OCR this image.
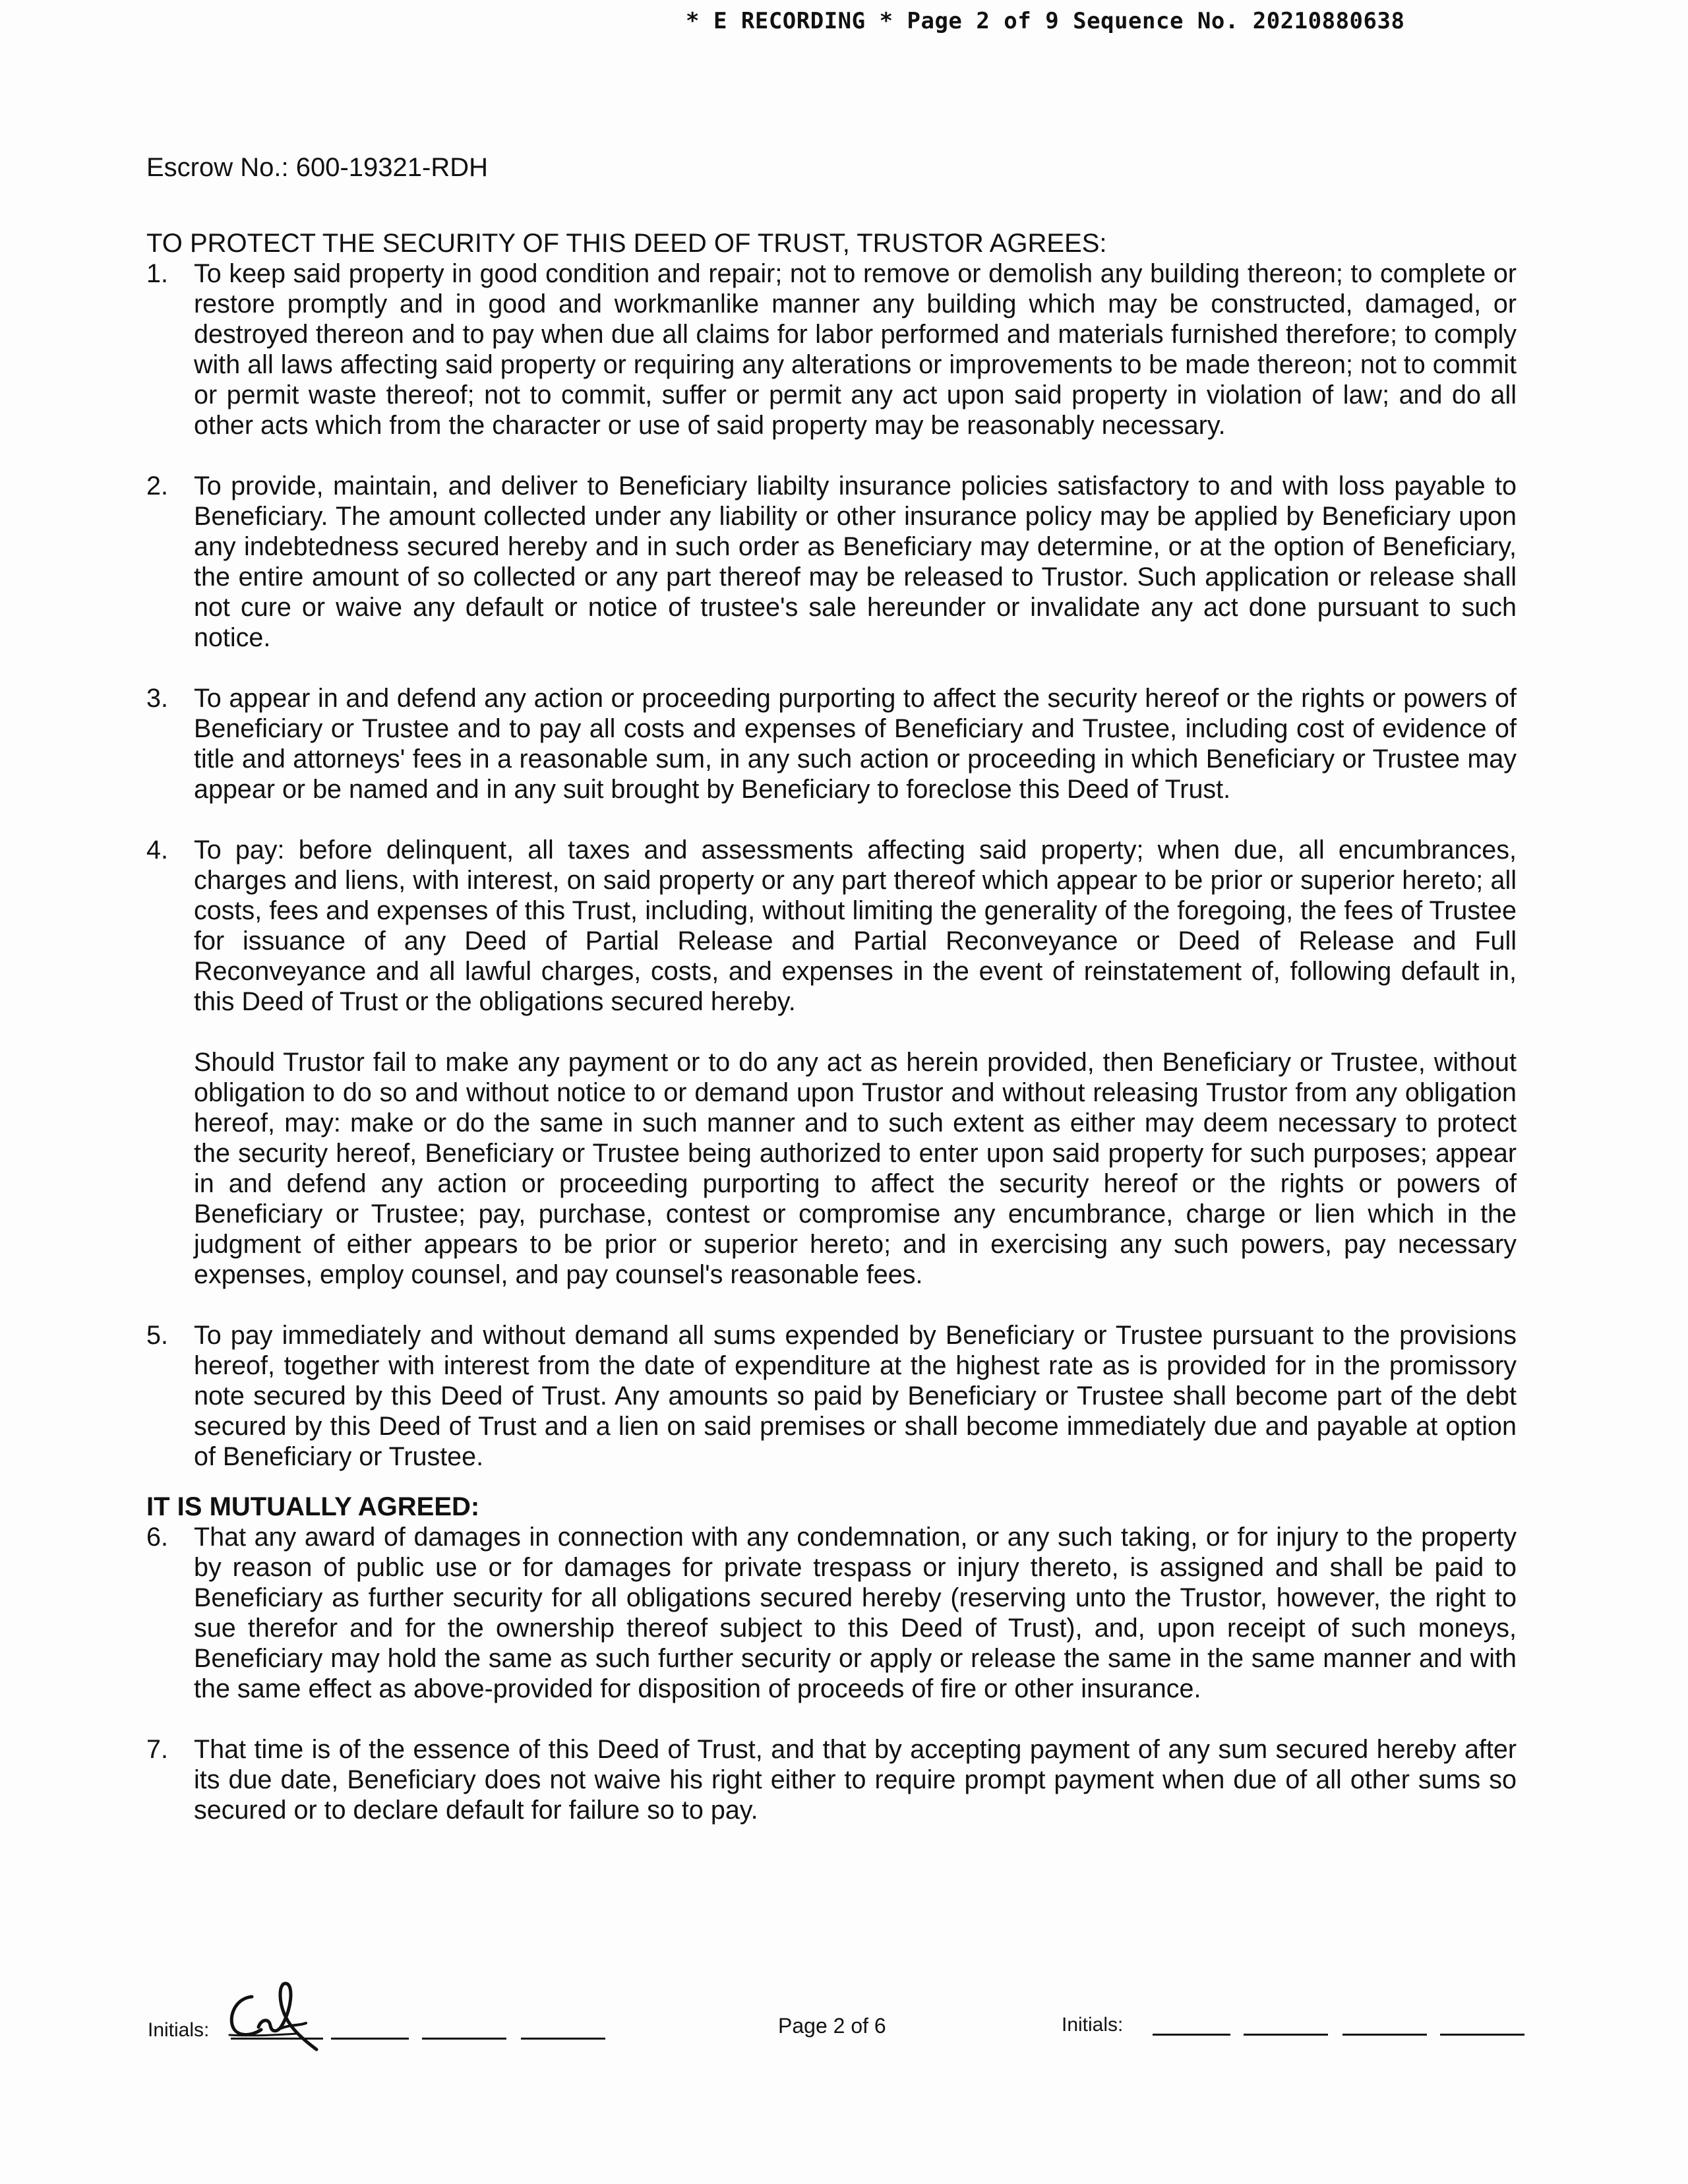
* E RECORDING * Page 2 of 9 Sequence No. 20210880638
Escrow No.: 600-19321-RDH

TO PROTECT THE SECURITY OF THIS DEED OF TRUST, TRUSTOR AGREES:

1. To keep said property in good condition and repair; not to remove or demolish any building thereon; to complete or restore promptly and in good and workmanlike manner any building which may be constructed, damaged, or destroyed thereon and to pay when due all claims for labor performed and materials furnished therefore; to comply with all laws affecting said property or requiring any alterations or improvements to be made thereon; not to commit or permit waste thereof; not to commit, suffer or permit any act upon said property in violation of law; and do all other acts which from the character or use of said property may be reasonably necessary.
2. To provide, maintain, and deliver to Beneficiary liabilty insurance policies satisfactory to and with loss payable to Beneficiary. The amount collected under any liability or other insurance policy may be applied by Beneficiary upon any indebtedness secured hereby and in such order as Beneficiary may determine, or at the option of Beneficiary, the entire amount of so collected or any part thereof may be released to Trustor. Such application or release shall not cure or waive any default or notice of trustee's sale hereunder or invalidate any act done pursuant to such notice.
3. To appear in and defend any action or proceeding purporting to affect the security hereof or the rights or powers of Beneficiary or Trustee and to pay all costs and expenses of Beneficiary and Trustee, including cost of evidence of title and attorneys' fees in a reasonable sum, in any such action or proceeding in which Beneficiary or Trustee may appear or be named and in any suit brought by Beneficiary to foreclose this Deed of Trust.
4. To pay: before delinquent, all taxes and assessments affecting said property; when due, all encumbrances, charges and liens, with interest, on said property or any part thereof which appear to be prior or superior hereto; all costs, fees and expenses of this Trust, including, without limiting the generality of the foregoing, the fees of Trustee for issuance of any Deed of Partial Release and Partial Reconveyance or Deed of Release and Full Reconveyance and all lawful charges, costs, and expenses in the event of reinstatement of, following default in, this Deed of Trust or the obligations secured hereby.

Should Trustor fail to make any payment or to do any act as herein provided, then Beneficiary or Trustee, without obligation to do so and without notice to or demand upon Trustor and without releasing Trustor from any obligation hereof, may: make or do the same in such manner and to such extent as either may deem necessary to protect the security hereof, Beneficiary or Trustee being authorized to enter upon said property for such purposes; appear in and defend any action or proceeding purporting to affect the security hereof or the rights or powers of Beneficiary or Trustee; pay, purchase, contest or compromise any encumbrance, charge or lien which in the judgment of either appears to be prior or superior hereto; and in exercising any such powers, pay necessary expenses, employ counsel, and pay counsel's reasonable fees.

5. To pay immediately and without demand all sums expended by Beneficiary or Trustee pursuant to the provisions hereof, together with interest from the date of expenditure at the highest rate as is provided for in the promissory note secured by this Deed of Trust. Any amounts so paid by Beneficiary or Trustee shall become part of the debt secured by this Deed of Trust and a lien on said premises or shall become immediately due and payable at option of Beneficiary or Trustee.

IT IS MUTUALLY AGREED:

6. That any award of damages in connection with any condemnation, or any such taking, or for injury to the property by reason of public use or for damages for private trespass or injury thereto, is assigned and shall be paid to Beneficiary as further security for all obligations secured hereby (reserving unto the Trustor, however, the right to sue therefor and for the ownership thereof subject to this Deed of Trust), and, upon receipt of such moneys, Beneficiary may hold the same as such further security or apply or release the same in the same manner and with the same effect as above-provided for disposition of proceeds of fire or other insurance.
7. That time is of the essence of this Deed of Trust, and that by accepting payment of any sum secured hereby after its due date, Beneficiary does not waive his right either to require prompt payment when due of all other sums so secured or to declare default for failure so to pay.
Initials:	Page 2 of 6	Initials:
